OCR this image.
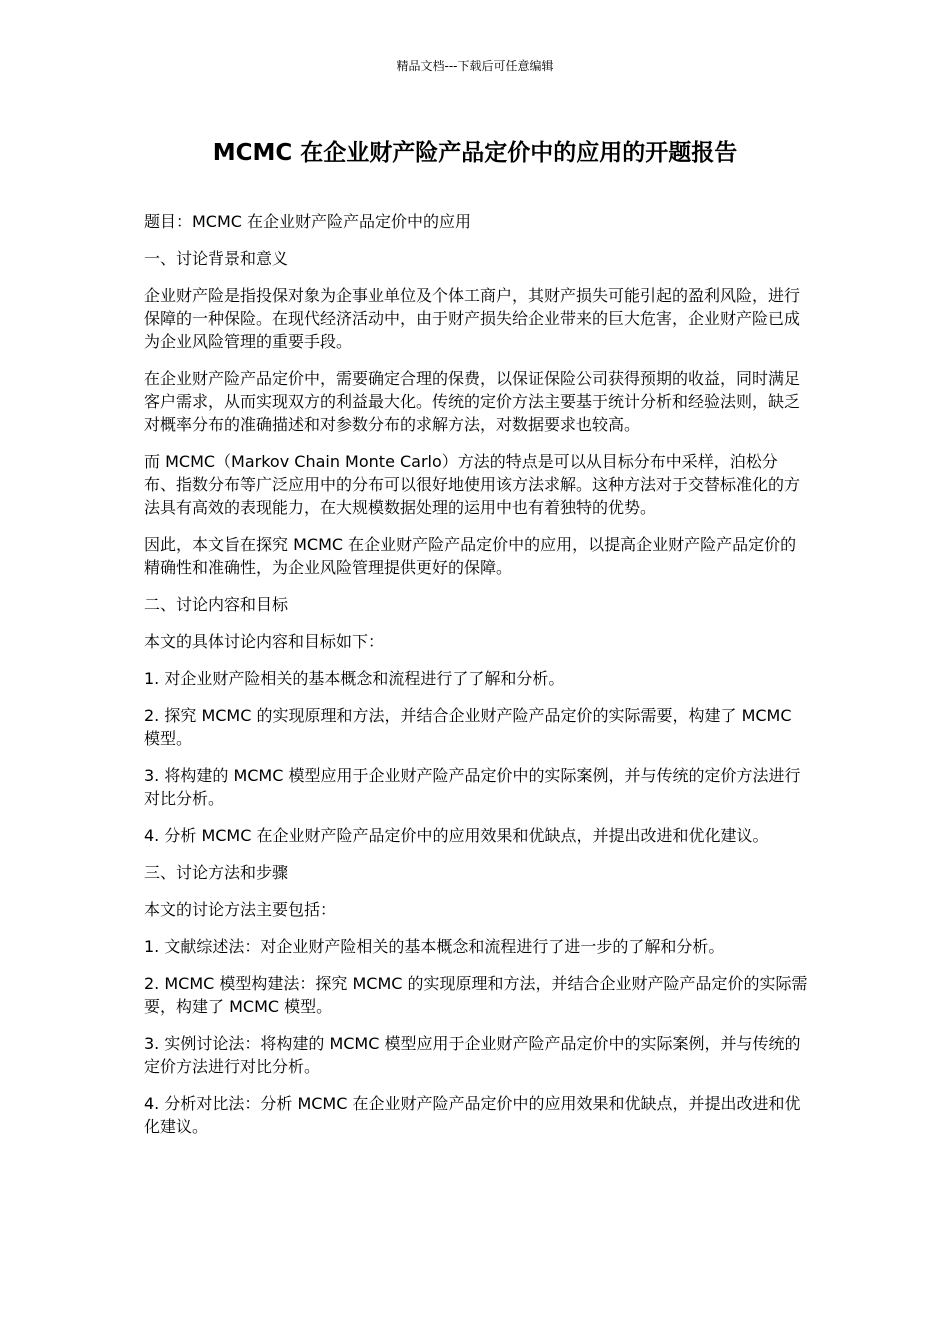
精品文档---下载后可任意编辑
MCMC 在企业财产险产品定价中的应用的开题报告

题目：MCMC 在企业财产险产品定价中的应用

一、讨论背景和意义

企业财产险是指投保对象为企事业单位及个体工商户，其财产损失可能引起的盈利风险，进行保障的一种保险。在现代经济活动中，由于财产损失给企业带来的巨大危害，企业财产险已成为企业风险管理的重要手段。

在企业财产险产品定价中，需要确定合理的保费，以保证保险公司获得预期的收益，同时满足客户需求，从而实现双方的利益最大化。传统的定价方法主要基于统计分析和经验法则，缺乏对概率分布的准确描述和对参数分布的求解方法，对数据要求也较高。

而 MCMC（Markov Chain Monte Carlo）方法的特点是可以从目标分布中采样，泊松分布、指数分布等广泛应用中的分布可以很好地使用该方法求解。这种方法对于交替标准化的方法具有高效的表现能力，在大规模数据处理的运用中也有着独特的优势。

因此，本文旨在探究 MCMC 在企业财产险产品定价中的应用，以提高企业财产险产品定价的精确性和准确性，为企业风险管理提供更好的保障。

二、讨论内容和目标

本文的具体讨论内容和目标如下：

1. 对企业财产险相关的基本概念和流程进行了了解和分析。

2. 探究 MCMC 的实现原理和方法，并结合企业财产险产品定价的实际需要，构建了 MCMC 模型。

3. 将构建的 MCMC 模型应用于企业财产险产品定价中的实际案例，并与传统的定价方法进行对比分析。

4. 分析 MCMC 在企业财产险产品定价中的应用效果和优缺点，并提出改进和优化建议。

三、讨论方法和步骤

本文的讨论方法主要包括：

1. 文献综述法：对企业财产险相关的基本概念和流程进行了进一步的了解和分析。

2. MCMC 模型构建法：探究 MCMC 的实现原理和方法，并结合企业财产险产品定价的实际需要，构建了 MCMC 模型。

3. 实例讨论法：将构建的 MCMC 模型应用于企业财产险产品定价中的实际案例，并与传统的定价方法进行对比分析。

4. 分析对比法：分析 MCMC 在企业财产险产品定价中的应用效果和优缺点，并提出改进和优化建议。
